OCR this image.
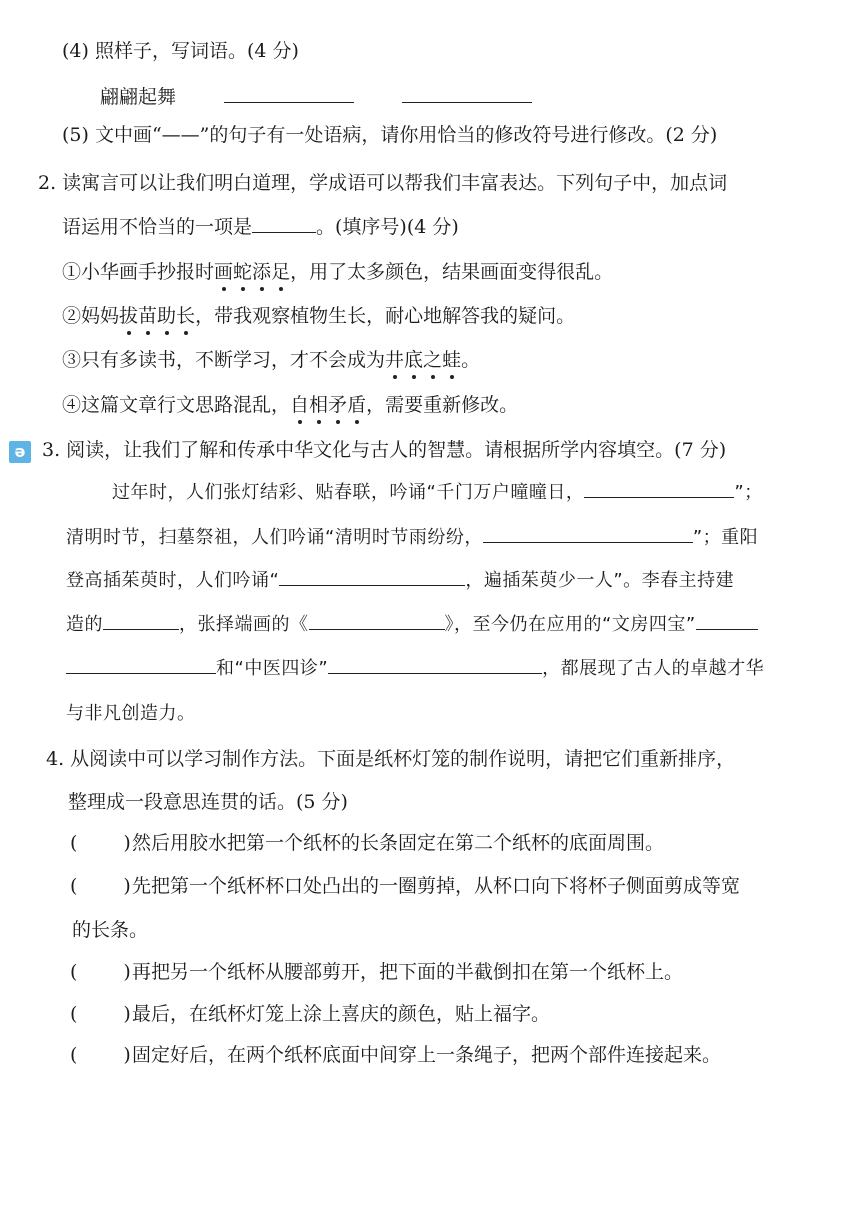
(4) 照样子，写词语。(4 分)
翩翩起舞
(5) 文中画“——”的句子有一处语病，请你用恰当的修改符号进行修改。(2 分)
2. 读寓言可以让我们明白道理，学成语可以帮我们丰富表达。下列句子中，加点词
语运用不恰当的一项是	。(填序号)(4 分)
①小华画手抄报时画蛇添足，用了太多颜色，结果画面变得很乱。
②妈妈拔苗助长，带我观察植物生长，耐心地解答我的疑问。
③只有多读书，不断学习，才不会成为井底之蛙。
④这篇文章行文思路混乱，自相矛盾，需要重新修改。
ə 3. 阅读，让我们了解和传承中华文化与古人的智慧。请根据所学内容填空。(7 分)
过年时，人们张灯结彩、贴春联，吟诵“千门万户曈曈日，	”；
清明时节，扫墓祭祖，人们吟诵“清明时节雨纷纷，	”；重阳
登高插茱萸时，人们吟诵“	，遍插茱萸少一人”。李春主持建
造的	，张择端画的《	》，至今仍在应用的“文房四宝”
和“中医四诊”	，都展现了古人的卓越才华
与非凡创造力。
4. 从阅读中可以学习制作方法。下面是纸杯灯笼的制作说明，请把它们重新排序，
整理成一段意思连贯的话。(5 分)
( )然后用胶水把第一个纸杯的长条固定在第二个纸杯的底面周围。
( )先把第一个纸杯杯口处凸出的一圈剪掉，从杯口向下将杯子侧面剪成等宽
的长条。
( )再把另一个纸杯从腰部剪开，把下面的半截倒扣在第一个纸杯上。
( )最后，在纸杯灯笼上涂上喜庆的颜色，贴上福字。
( )固定好后，在两个纸杯底面中间穿上一条绳子，把两个部件连接起来。
